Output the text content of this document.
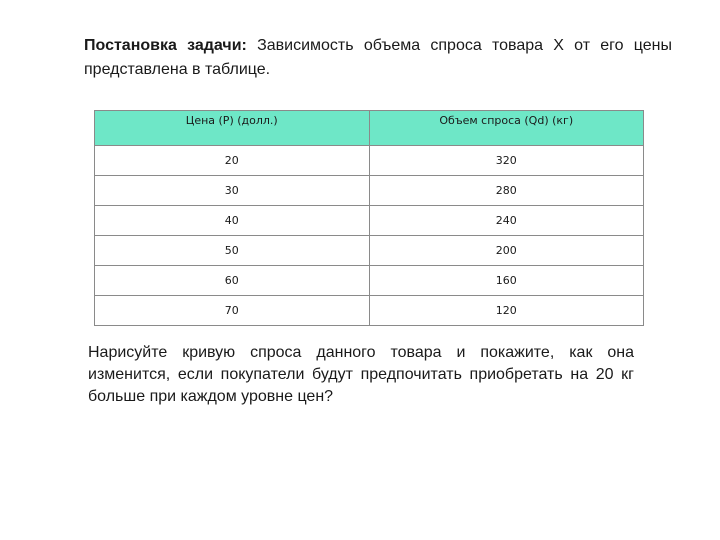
Постановка задачи: Зависимость объема спроса товара X от его цены представлена в таблице.
Цена (Р) (долл.)	Объем спроса (Qd) (кг)
20	320
30	280
40	240
50	200
60	160
70	120
Нарисуйте кривую спроса данного товара и покажите, как она изменится, если покупатели будут предпочитать приобретать на 20 кг больше при каждом уровне цен?
